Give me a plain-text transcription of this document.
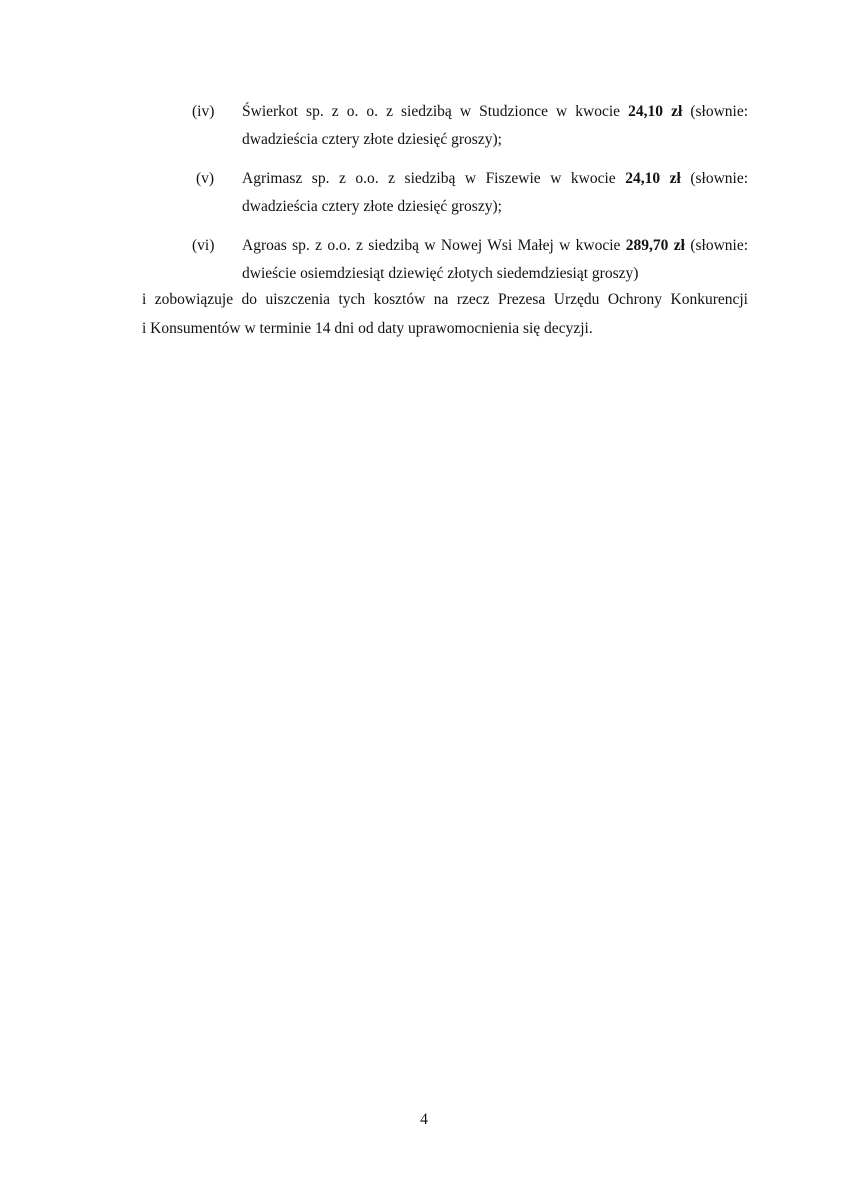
(iv)	Świerkot sp. z o. o. z siedzibą w Studzionce w kwocie 24,10 zł (słownie:
dwadzieścia cztery złote dziesięć groszy);
(v)	Agrimasz sp. z o.o. z siedzibą w Fiszewie w kwocie 24,10 zł (słownie:
dwadzieścia cztery złote dziesięć groszy);
(vi)	Agroas sp. z o.o. z siedzibą w Nowej Wsi Małej w kwocie 289,70 zł (słownie:
dwieście osiemdziesiąt dziewięć złotych siedemdziesiąt groszy)
i zobowiązuje do uiszczenia tych kosztów na rzecz Prezesa Urzędu Ochrony Konkurencji
i Konsumentów w terminie 14 dni od daty uprawomocnienia się decyzji.
4
